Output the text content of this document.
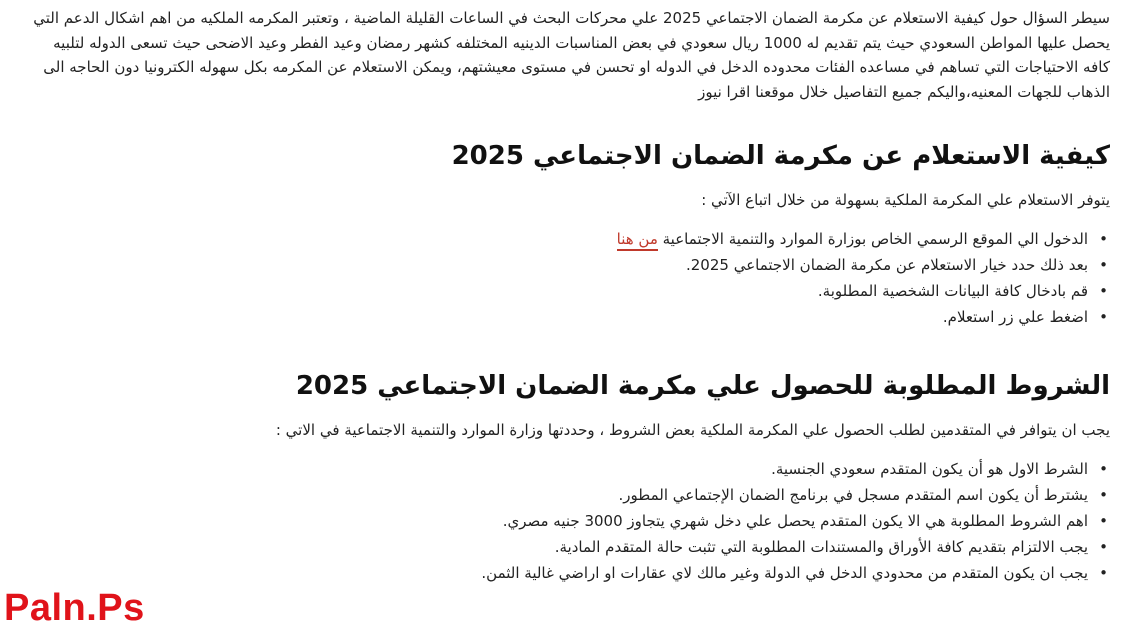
سيطر السؤال حول كيفية الاستعلام عن مكرمة الضمان الاجتماعي 2025 علي محركات البحث في الساعات القليلة الماضية ، وتعتبر المكرمه الملكيه من اهم اشكال الدعم التي يحصل عليها المواطن السعودي حيث يتم تقديم له 1000 ريال سعودي في بعض المناسبات الدينيه المختلفه كشهر رمضان وعيد الفطر وعيد الاضحى حيث تسعى الدوله لتلبيه كافه الاحتياجات التي تساهم في مساعده الفئات محدوده الدخل في الدوله او تحسن في مستوى معيشتهم، ويمكن الاستعلام عن المكرمه بكل سهوله الكترونيا دون الحاجه الى الذهاب للجهات المعنيه،واليكم جميع التفاصيل خلال موقعنا اقرا نيوز

كيفية الاستعلام عن مكرمة الضمان الاجتماعي 2025

يتوفر الاستعلام علي المكرمة الملكية بسهولة من خلال اتباع الآتي :

• الدخول الي الموقع الرسمي الخاص بوزارة الموارد والتنمية الاجتماعية من هنا
• بعد ذلك حدد خيار الاستعلام عن مكرمة الضمان الاجتماعي 2025.
• قم بادخال كافة البيانات الشخصية المطلوبة.
• اضغط علي زر استعلام.
الشروط المطلوبة للحصول علي مكرمة الضمان الاجتماعي 2025

يجب ان يتوافر في المتقدمين لطلب الحصول علي المكرمة الملكية بعض الشروط ، وحددتها وزارة الموارد والتنمية الاجتماعية في الاتي :

• الشرط الاول هو أن يكون المتقدم سعودي الجنسية.
• يشترط أن يكون اسم المتقدم مسجل في برنامج الضمان الإجتماعي المطور.
• اهم الشروط المطلوبة هي الا يكون المتقدم يحصل علي دخل شهري يتجاوز 3000 جنيه مصري.
• يجب الالتزام بتقديم كافة الأوراق والمستندات المطلوبة التي تثبت حالة المتقدم المادية.
• يجب ان يكون المتقدم من محدودي الدخل في الدولة وغير مالك لاي عقارات او اراضي غالية الثمن.
Paln.Ps
